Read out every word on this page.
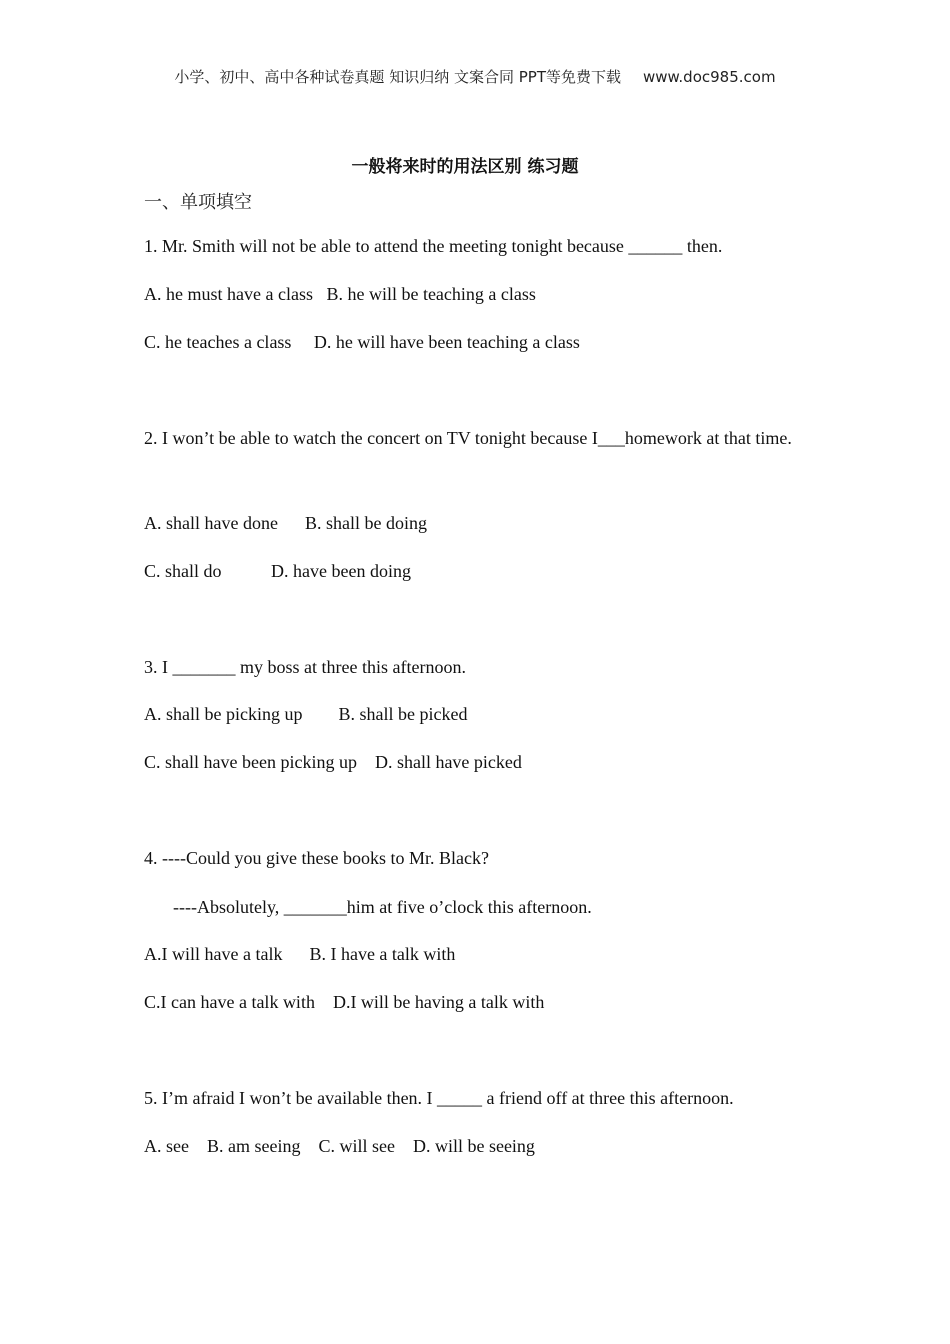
小学、初中、高中各种试卷真题 知识归纳 文案合同 PPT等免费下载 www.doc985.com
一般将来时的用法区别 练习题
一、单项填空
1. Mr. Smith will not be able to attend the meeting tonight because ______ then.
A. he must have a class   B. he will be teaching a class
C. he teaches a class     D. he will have been teaching a class
2. I won’t be able to watch the concert on TV tonight because I___homework at that time.
A. shall have done      B. shall be doing
C. shall do           D. have been doing
3. I _______ my boss at three this afternoon.
A. shall be picking up        B. shall be picked
C. shall have been picking up    D. shall have picked
4. ----Could you give these books to Mr. Black?
----Absolutely, _______him at five o’clock this afternoon.
A.I will have a talk      B. I have a talk with
C.I can have a talk with    D.I will be having a talk with
5. I’m afraid I won’t be available then. I _____ a friend off at three this afternoon.
A. see    B. am seeing    C. will see    D. will be seeing
